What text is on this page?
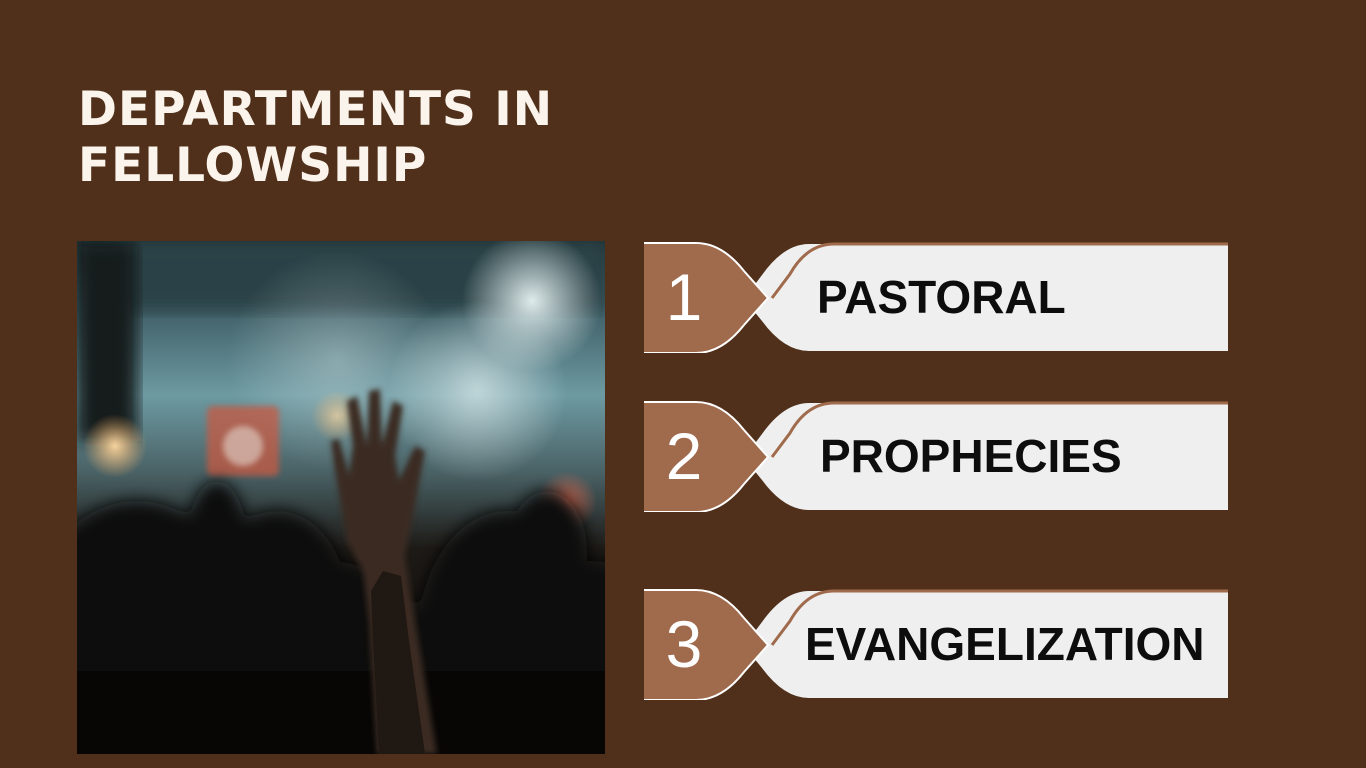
DEPARTMENTS IN
FELLOWSHIP
1	PASTORAL
2	PROPHECIES
3	EVANGELIZATION
